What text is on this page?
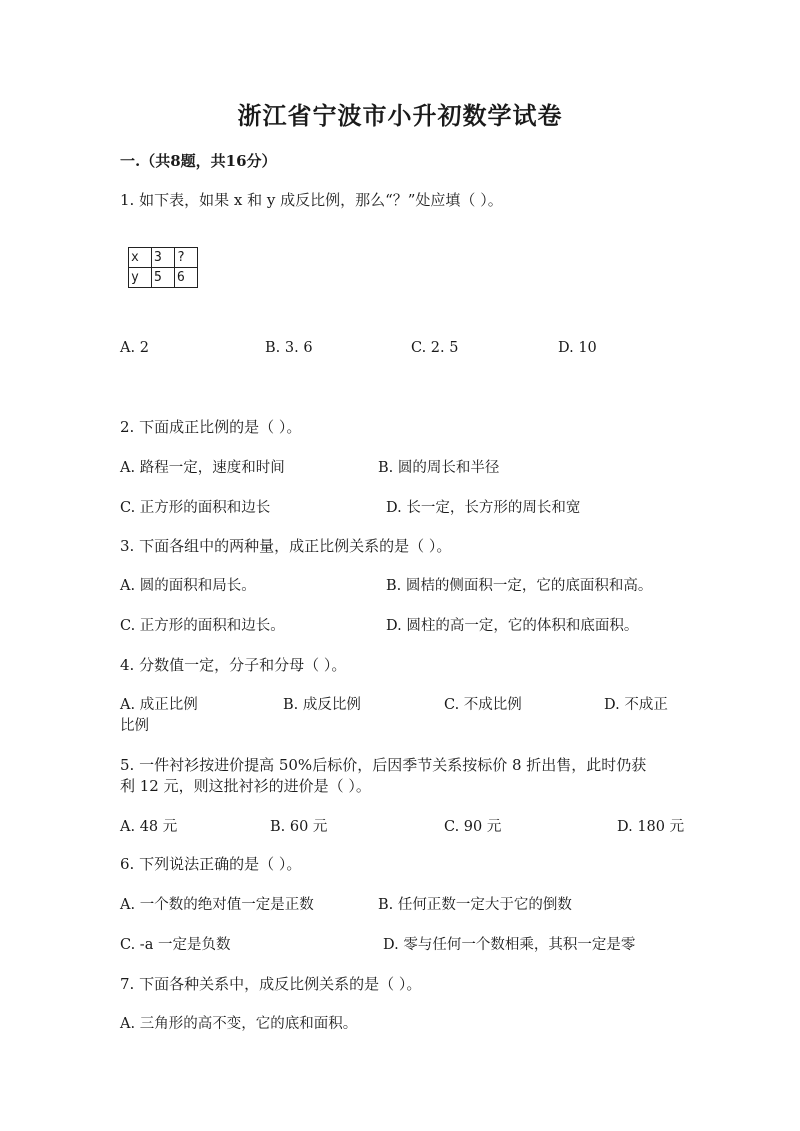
浙江省宁波市小升初数学试卷
一.（共8题，共16分）
1. 如下表，如果 x 和 y 成反比例，那么“？”处应填（ ）。
x	3	?
y	5	6
A. 2	B. 3. 6	C. 2. 5	D. 10
2. 下面成正比例的是（ ）。
A. 路程一定，速度和时间	B. 圆的周长和半径
C. 正方形的面积和边长	D. 长一定，长方形的周长和宽
3. 下面各组中的两种量，成正比例关系的是（ ）。
A. 圆的面积和局长。	B. 圆桔的侧面积一定，它的底面积和高。
C. 正方形的面积和边长。	D. 圆柱的高一定，它的体积和底面积。
4. 分数值一定，分子和分母（ ）。
A. 成正比例	B. 成反比例	C. 不成比例	D. 不成正
比例
5. 一件衬衫按进价提高 50%后标价，后因季节关系按标价 8 折出售，此时仍获
利 12 元，则这批衬衫的进价是（ ）。
A. 48 元	B. 60 元	C. 90 元	D. 180 元
6. 下列说法正确的是（ ）。
A. 一个数的绝对值一定是正数	B. 任何正数一定大于它的倒数
C. -a 一定是负数	D. 零与任何一个数相乘，其积一定是零
7. 下面各种关系中，成反比例关系的是（ ）。
A. 三角形的高不变，它的底和面积。
